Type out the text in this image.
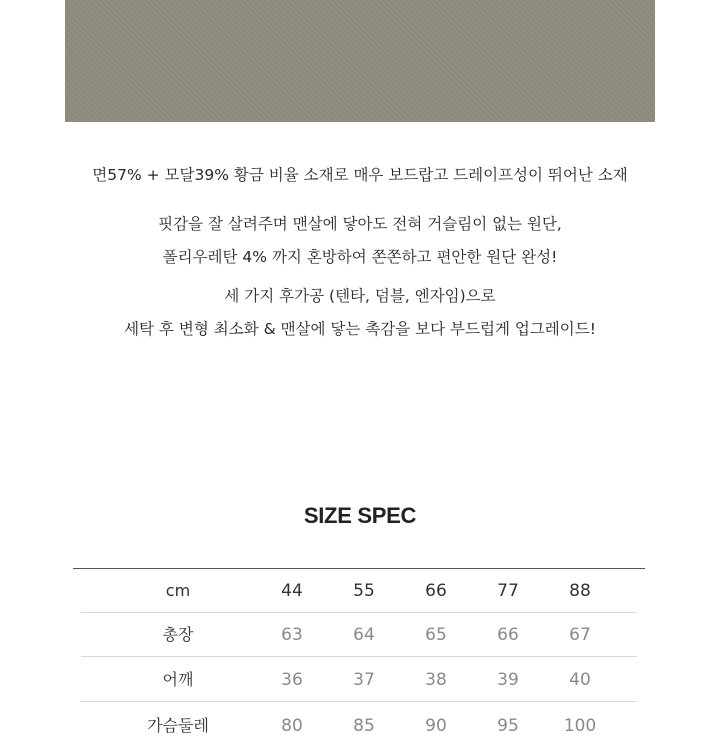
면57% + 모달39% 황금 비율 소재로 매우 보드랍고 드레이프성이 뛰어난 소재
핏감을 잘 살려주며 맨살에 닿아도 전혀 거슬림이 없는 원단,
폴리우레탄 4% 까지 혼방하여 쫀쫀하고 편안한 원단 완성!
세 가지 후가공 (텐타, 덤블, 엔자임)으로
세탁 후 변형 최소화 & 맨살에 닿는 촉감을 보다 부드럽게 업그레이드!
SIZE SPEC
cm	44	55	66	77	88
총장	63	64	65	66	67
어깨	36	37	38	39	40
가슴둘레	80	85	90	95	100
